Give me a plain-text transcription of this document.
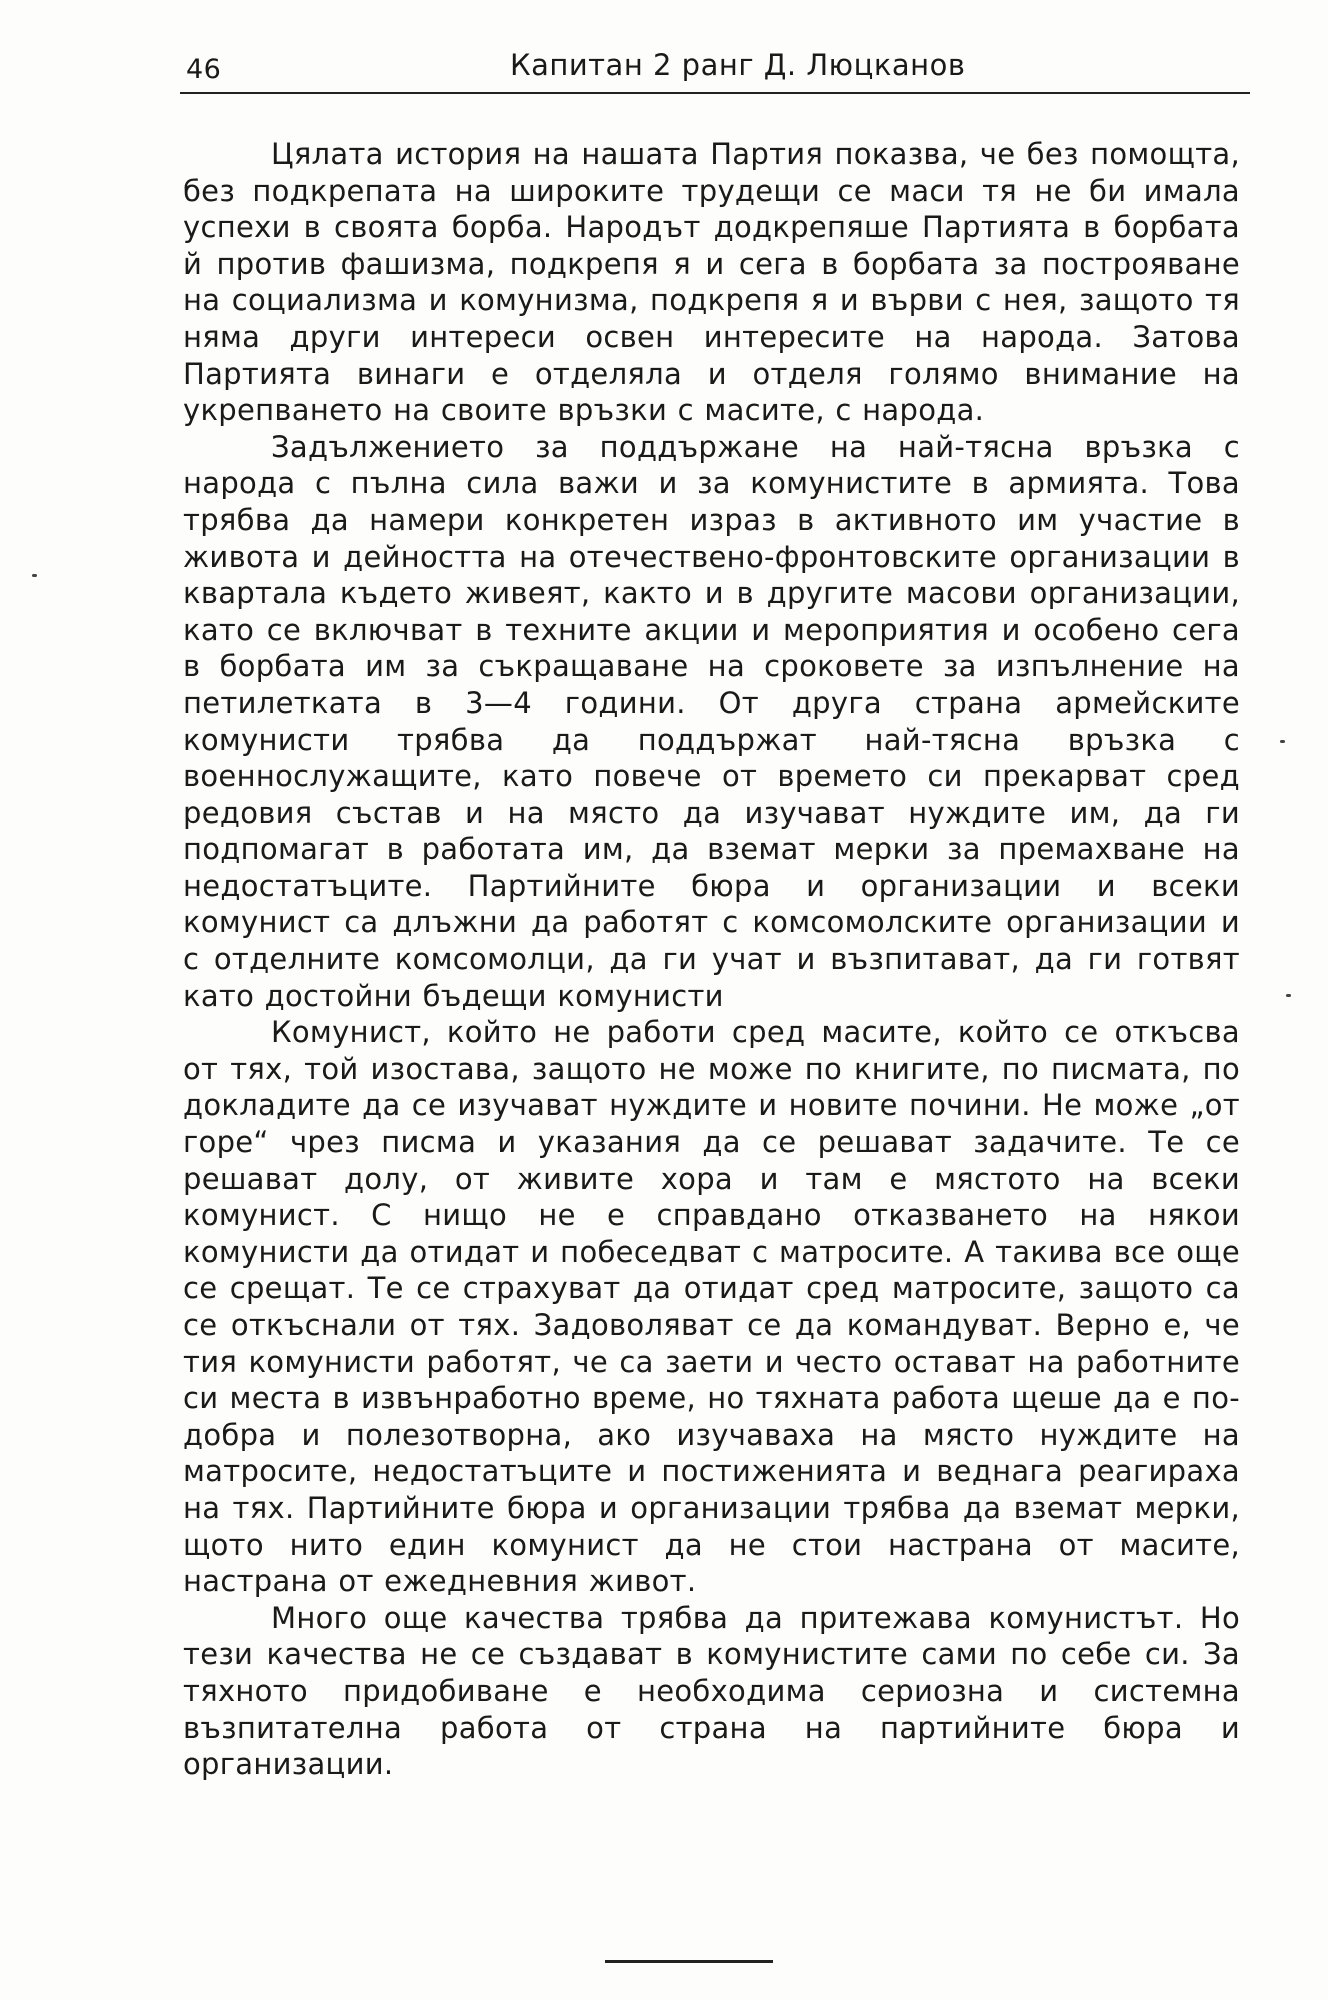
46	Капитан 2 ранг Д. Люцканов

Цялата история на нашата Партия показва, че без помощта, без подкрепата на широките трудещи се маси тя не би имала успехи в своята борба. Народът додкрепяше Партията в борбата й против фашизма, подкрепя я и сега в борбата за построяване на социализма и комунизма, подкрепя я и върви с нея, защото тя няма други интереси освен интересите на народа. Затова Партията винаги е отделяла и отделя голямо внимание на укрепването на своите връзки с масите, с народа.

Задължението за поддържане на най-тясна връзка с народа с пълна сила важи и за комунистите в армията. Това трябва да намери конкретен израз в активното им участие в живота и дейността на отечествено-фронтовските организации в квартала където живеят, както и в другите масови организации, като се включват в техните акции и мероприятия и особено сега в борбата им за съкращаване на сроковете за изпълнение на петилетката в 3—4 години. От друга страна армейските комунисти трябва да поддържат най-тясна връзка с военнослужащите, като повече от времето си прекарват сред редовия състав и на място да изучават нуждите им, да ги подпомагат в работата им, да вземат мерки за премахване на недостатъците. Партийните бюра и организации и всеки комунист са длъжни да работят с комсомолските организации и с отделните комсомолци, да ги учат и възпитават, да ги готвят като достойни бъдещи комунисти

Комунист, който не работи сред масите, който се откъсва от тях, той изостава, защото не може по книгите, по писмата, по докладите да се изучават нуждите и новите почини. Не може „от горе“ чрез писма и указания да се решават задачите. Те се решават долу, от живите хора и там е мястото на всеки комунист. С нищо не е справдано отказването на някои комунисти да отидат и побеседват с матросите. А такива все още се срещат. Те се страхуват да отидат сред матросите, защото са се откъснали от тях. Задоволяват се да командуват. Верно е, че тия комунисти работят, че са заети и често остават на работните си места в извънработно време, но тяхната работа щеше да е по-добра и полезотворна, ако изучаваха на място нуждите на матросите, недостатъците и постиженията и веднага реагираха на тях. Партийните бюра и организации трябва да вземат мерки, щото нито един комунист да не стои настрана от масите, настрана от ежедневния живот.

Много още качества трябва да притежава комунистът. Но тези качества не се създават в комунистите сами по себе си. За тяхното придобиване е необходима сериозна и системна възпитателна работа от страна на партийните бюра и организации.
